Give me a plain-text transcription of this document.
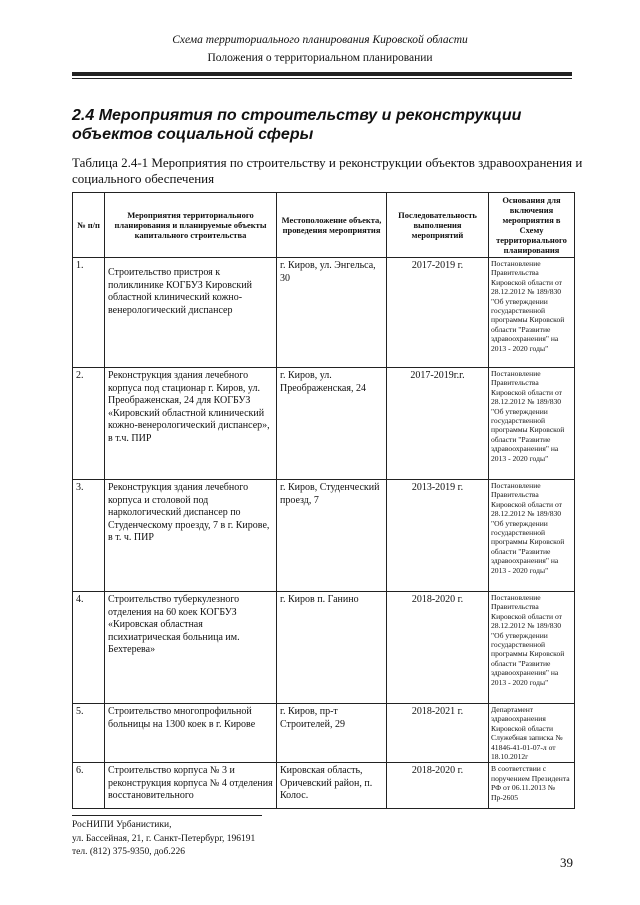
Схема территориального планирования Кировской области
Положения о территориальном планировании
2.4 Мероприятия по строительству и реконструкции объектов социальной сферы
Таблица 2.4-1 Мероприятия по строительству и реконструкции объектов здравоохранения и социального обеспечения
№ п/п	Мероприятия территориального планирования и планируемые объекты капитального строительства	Местоположение объекта, проведения мероприятия	Последовательность выполнения мероприятий	Основания для включения мероприятия в Схему территориального планирования
1.	Строительство пристроя к поликлинике КОГБУЗ Кировский областной клинический кожно-венерологический диспансер	г. Киров, ул. Энгельса, 30	2017-2019 г.	Постановление Правительства Кировской области от 28.12.2012 № 189/830 "Об утверждении государственной программы Кировской области "Развитие здравоохранения" на 2013 - 2020 годы"
2.	Реконструкция здания лечебного корпуса под стационар г. Киров, ул. Преображенская, 24 для КОГБУЗ «Кировский областной клинический кожно-венерологический диспансер», в т.ч. ПИР	г. Киров, ул. Преображенская, 24	2017-2019г.г.	Постановление Правительства Кировской области от 28.12.2012 № 189/830 "Об утверждении государственной программы Кировской области "Развитие здравоохранения" на 2013 - 2020 годы"
3.	Реконструкция здания лечебного корпуса и столовой под наркологический диспансер по Студенческому проезду, 7 в г. Кирове, в т. ч. ПИР	г. Киров, Студенческий проезд, 7	2013-2019 г.	Постановление Правительства Кировской области от 28.12.2012 № 189/830 "Об утверждении государственной программы Кировской области "Развитие здравоохранения" на 2013 - 2020 годы"
4.	Строительство туберкулезного отделения на 60 коек КОГБУЗ «Кировская областная психиатрическая больница им. Бехтерева»	г. Киров п. Ганино	2018-2020 г.	Постановление Правительства Кировской области от 28.12.2012 № 189/830 "Об утверждении государственной программы Кировской области "Развитие здравоохранения" на 2013 - 2020 годы"
5.	Строительство многопрофильной больницы на 1300 коек в г. Кирове	г. Киров, пр-т Строителей, 29	2018-2021 г.	Департамент здравоохранения Кировской области Служебная записка № 41846-41-01-07-л от 18.10.2012г
6.	Строительство корпуса № 3 и реконструкция корпуса № 4 отделения восстановительного	Кировская область, Оричевский район, п. Колос.	2018-2020 г.	В соответствии с поручением Президента РФ от 06.11.2013 № Пр-2605
РосНИПИ Урбанистики,
ул. Бассейная, 21, г. Санкт-Петербург, 196191
тел. (812) 375-9350, доб.226
39
